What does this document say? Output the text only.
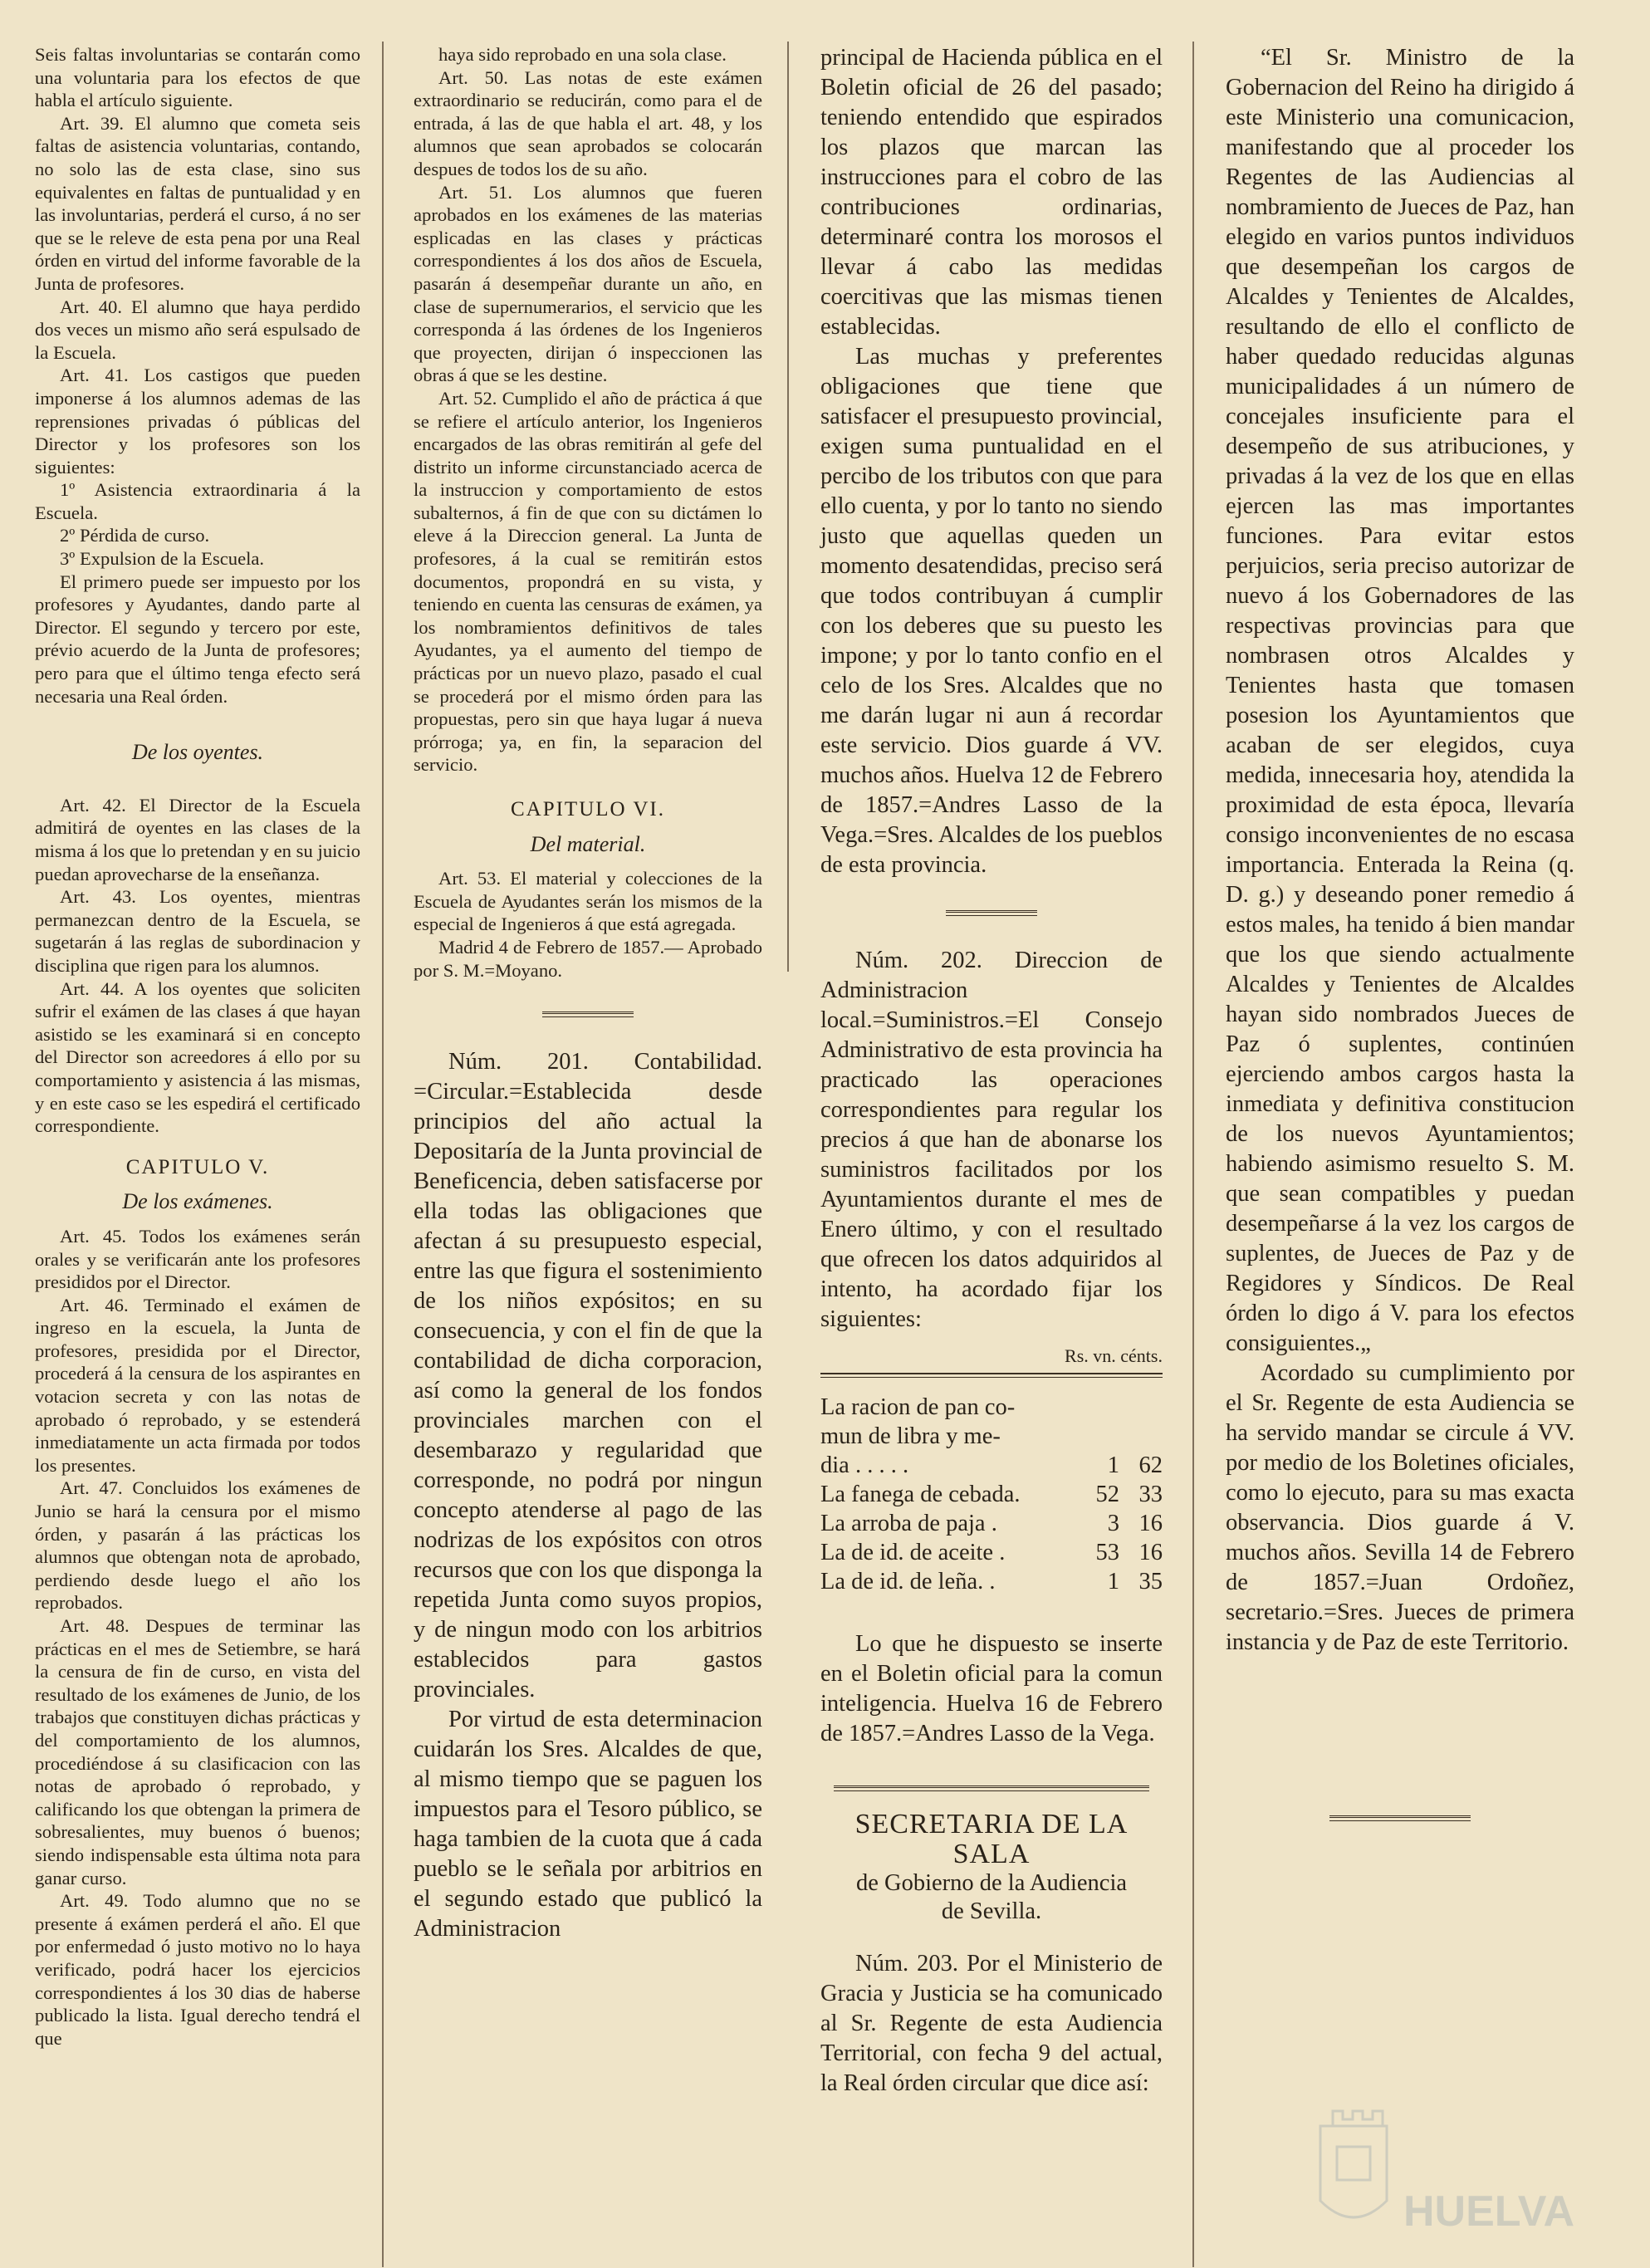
Seis faltas involuntarias se contarán como una voluntaria para los efectos de que habla el artículo siguiente.

Art. 39. El alumno que cometa seis faltas de asistencia voluntarias, contando, no solo las de esta clase, sino sus equivalentes en faltas de puntualidad y en las involuntarias, perderá el curso, á no ser que se le releve de esta pena por una Real órden en virtud del informe favorable de la Junta de profesores.

Art. 40. El alumno que haya perdido dos veces un mismo año será espulsado de la Escuela.

Art. 41. Los castigos que pueden imponerse á los alumnos ademas de las reprensiones privadas ó públicas del Director y los profesores son los siguientes:

1º Asistencia extraordinaria á la Escuela.

2º Pérdida de curso.

3º Expulsion de la Escuela.

El primero puede ser impuesto por los profesores y Ayudantes, dando parte al Director. El segundo y tercero por este, prévio acuerdo de la Junta de profesores; pero para que el último tenga efecto será necesaria una Real órden.

De los oyentes.

Art. 42. El Director de la Escuela admitirá de oyentes en las clases de la misma á los que lo pretendan y en su juicio puedan aprovecharse de la enseñanza.

Art. 43. Los oyentes, mientras permanezcan dentro de la Escuela, se sugetarán á las reglas de subordinacion y disciplina que rigen para los alumnos.

Art. 44. A los oyentes que soliciten sufrir el exámen de las clases á que hayan asistido se les examinará si en concepto del Director son acreedores á ello por su comportamiento y asistencia á las mismas, y en este caso se les espedirá el certificado correspondiente.

CAPITULO V.

De los exámenes.

Art. 45. Todos los exámenes serán orales y se verificarán ante los profesores presididos por el Director.

Art. 46. Terminado el exámen de ingreso en la escuela, la Junta de profesores, presidida por el Director, procederá á la censura de los aspirantes en votacion secreta y con las notas de aprobado ó reprobado, y se estenderá inmediatamente un acta firmada por todos los presentes.

Art. 47. Concluidos los exámenes de Junio se hará la censura por el mismo órden, y pasarán á las prácticas los alumnos que obtengan nota de aprobado, perdiendo desde luego el año los reprobados.

Art. 48. Despues de terminar las prácticas en el mes de Setiembre, se hará la censura de fin de curso, en vista del resultado de los exámenes de Junio, de los trabajos que constituyen dichas prácticas y del comportamiento de los alumnos, procediéndose á su clasificacion con las notas de aprobado ó reprobado, y calificando los que obtengan la primera de sobresalientes, muy buenos ó buenos; siendo indispensable esta última nota para ganar curso.

Art. 49. Todo alumno que no se presente á exámen perderá el año. El que por enfermedad ó justo motivo no lo haya verificado, podrá hacer los ejercicios correspondientes á los 30 dias de haberse publicado la lista. Igual derecho tendrá el que

haya sido reprobado en una sola clase.

Art. 50. Las notas de este exámen extraordinario se reducirán, como para el de entrada, á las de que habla el art. 48, y los alumnos que sean aprobados se colocarán despues de todos los de su año.

Art. 51. Los alumnos que fueren aprobados en los exámenes de las materias esplicadas en las clases y prácticas correspondientes á los dos años de Escuela, pasarán á desempeñar durante un año, en clase de supernumerarios, el servicio que les corresponda á las órdenes de los Ingenieros que proyecten, dirijan ó inspeccionen las obras á que se les destine.

Art. 52. Cumplido el año de práctica á que se refiere el artículo anterior, los Ingenieros encargados de las obras remitirán al gefe del distrito un informe circunstanciado acerca de la instruccion y comportamiento de estos subalternos, á fin de que con su dictámen lo eleve á la Direccion general. La Junta de profesores, á la cual se remitirán estos documentos, propondrá en su vista, y teniendo en cuenta las censuras de exámen, ya los nombramientos definitivos de tales Ayudantes, ya el aumento del tiempo de prácticas por un nuevo plazo, pasado el cual se procederá por el mismo órden para las propuestas, pero sin que haya lugar á nueva prórroga; ya, en fin, la separacion del servicio.

CAPITULO VI.

Del material.

Art. 53. El material y colecciones de la Escuela de Ayudantes serán los mismos de la especial de Ingenieros á que está agregada.

Madrid 4 de Febrero de 1857.— Aprobado por S. M.=Moyano.

Núm. 201. Contabilidad. =Circular.=Establecida desde principios del año actual la Depositaría de la Junta provincial de Beneficencia, deben satisfacerse por ella todas las obligaciones que afectan á su presupuesto especial, entre las que figura el sostenimiento de los niños expósitos; en su consecuencia, y con el fin de que la contabilidad de dicha corporacion, así como la general de los fondos provinciales marchen con el desembarazo y regularidad que corresponde, no podrá por ningun concepto atenderse al pago de las nodrizas de los expósitos con otros recursos que con los que disponga la repetida Junta como suyos propios, y de ningun modo con los arbitrios establecidos para gastos provinciales.

Por virtud de esta determinacion cuidarán los Sres. Alcaldes de que, al mismo tiempo que se paguen los impuestos para el Tesoro público, se haga tambien de la cuota que á cada pueblo se le señala por arbitrios en el segundo estado que publicó la Administracion

principal de Hacienda pública en el Boletin oficial de 26 del pasado; teniendo entendido que espirados los plazos que marcan las instrucciones para el cobro de las contribuciones ordinarias, determinaré contra los morosos el llevar á cabo las medidas coercitivas que las mismas tienen establecidas.

Las muchas y preferentes obligaciones que tiene que satisfacer el presupuesto provincial, exigen suma puntualidad en el percibo de los tributos con que para ello cuenta, y por lo tanto no siendo justo que aquellas queden un momento desatendidas, preciso será que todos contribuyan á cumplir con los deberes que su puesto les impone; y por lo tanto confio en el celo de los Sres. Alcaldes que no me darán lugar ni aun á recordar este servicio. Dios guarde á VV. muchos años. Huelva 12 de Febrero de 1857.=Andres Lasso de la Vega.=Sres. Alcaldes de los pueblos de esta provincia.

Núm. 202. Direccion de Administracion local.=Suministros.=El Consejo Administrativo de esta provincia ha practicado las operaciones correspondientes para regular los precios á que han de abonarse los suministros facilitados por los Ayuntamientos durante el mes de Enero último, y con el resultado que ofrecen los datos adquiridos al intento, ha acordado fijar los siguientes:

Rs. vn. cénts.
La racion de pan co-		
mun de libra y me-		
dia . . . . .	1	62
La fanega de cebada.	52	33
La arroba de paja .	3	16
La de id. de aceite .	53	16
La de id. de leña. .	1	35

Lo que he dispuesto se inserte en el Boletin oficial para la comun inteligencia. Huelva 16 de Febrero de 1857.=Andres Lasso de la Vega.

SECRETARIA DE LA SALA
de Gobierno de la Audiencia
de Sevilla.

Núm. 203. Por el Ministerio de Gracia y Justicia se ha comunicado al Sr. Regente de esta Audiencia Territorial, con fecha 9 del actual, la Real órden circular que dice así:

“El Sr. Ministro de la Gobernacion del Reino ha dirigido á este Ministerio una comunicacion, manifestando que al proceder los Regentes de las Audiencias al nombramiento de Jueces de Paz, han elegido en varios puntos individuos que desempeñan los cargos de Alcaldes y Tenientes de Alcaldes, resultando de ello el conflicto de haber quedado reducidas algunas municipalidades á un número de concejales insuficiente para el desempeño de sus atribuciones, y privadas á la vez de los que en ellas ejercen las mas importantes funciones. Para evitar estos perjuicios, seria preciso autorizar de nuevo á los Gobernadores de las respectivas provincias para que nombrasen otros Alcaldes y Tenientes hasta que tomasen posesion los Ayuntamientos que acaban de ser elegidos, cuya medida, innecesaria hoy, atendida la proximidad de esta época, llevaría consigo inconvenientes de no escasa importancia. Enterada la Reina (q. D. g.) y deseando poner remedio á estos males, ha tenido á bien mandar que los que siendo actualmente Alcaldes y Tenientes de Alcaldes hayan sido nombrados Jueces de Paz ó suplentes, continúen ejerciendo ambos cargos hasta la inmediata y definitiva constitucion de los nuevos Ayuntamientos; habiendo asimismo resuelto S. M. que sean compatibles y puedan desempeñarse á la vez los cargos de suplentes, de Jueces de Paz y de Regidores y Síndicos. De Real órden lo digo á V. para los efectos consiguientes.„

Acordado su cumplimiento por el Sr. Regente de esta Audiencia se ha servido mandar se circule á VV. por medio de los Boletines oficiales, como lo ejecuto, para su mas exacta observancia. Dios guarde á V. muchos años. Sevilla 14 de Febrero de 1857.=Juan Ordoñez, secretario.=Sres. Jueces de primera instancia y de Paz de este Territorio.

HUELVA
